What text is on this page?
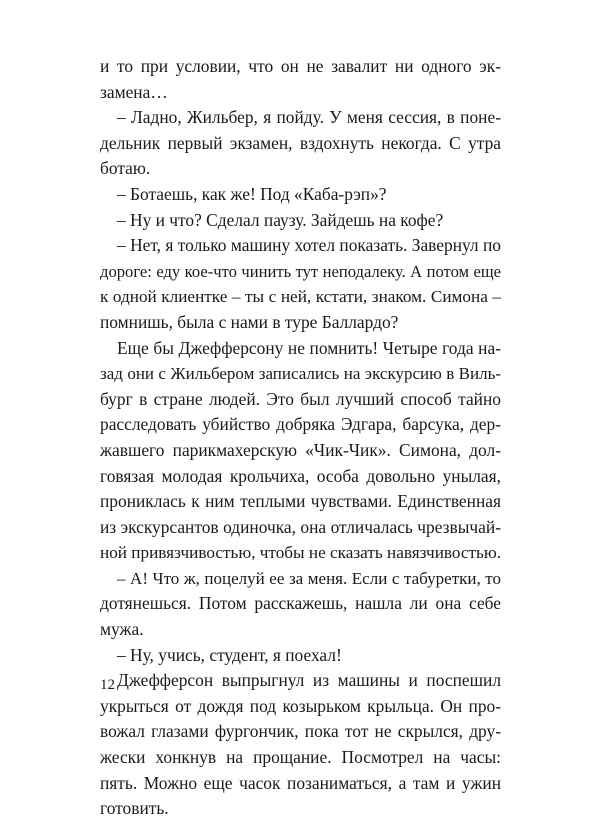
и то при условии, что он не завалит ни одного эк-
замена…
– Ладно, Жильбер, я пойду. У меня сессия, в поне-
дельник первый экзамен, вздохнуть некогда. С утра
ботаю.
– Ботаешь, как же! Под «Каба-рэп»?
– Ну и что? Сделал паузу. Зайдешь на кофе?
– Нет, я только машину хотел показать. Завернул по
дороге: еду кое-что чинить тут неподалеку. А потом еще
к одной клиентке – ты с ней, кстати, знаком. Симона –
помнишь, была с нами в туре Баллардо?
Еще бы Джефферсону не помнить! Четыре года на-
зад они с Жильбером записались на экскурсию в Виль-
бург в стране людей. Это был лучший способ тайно
расследовать убийство добряка Эдгара, барсука, дер-
жавшего парикмахерскую «Чик-Чик». Симона, дол-
говязая молодая крольчиха, особа довольно унылая,
прониклась к ним теплыми чувствами. Единственная
из экскурсантов одиночка, она отличалась чрезвычай-
ной привязчивостью, чтобы не сказать навязчивостью.
– А! Что ж, поцелуй ее за меня. Если с табуретки, то
дотянешься. Потом расскажешь, нашла ли она себе
мужа.
– Ну, учись, студент, я поехал!
Джефферсон выпрыгнул из машины и поспешил
укрыться от дождя под козырьком крыльца. Он про-
вожал глазами фургончик, пока тот не скрылся, дру-
жески хонкнув на прощание. Посмотрел на часы:
пять. Можно еще часок позаниматься, а там и ужин
готовить.
12
